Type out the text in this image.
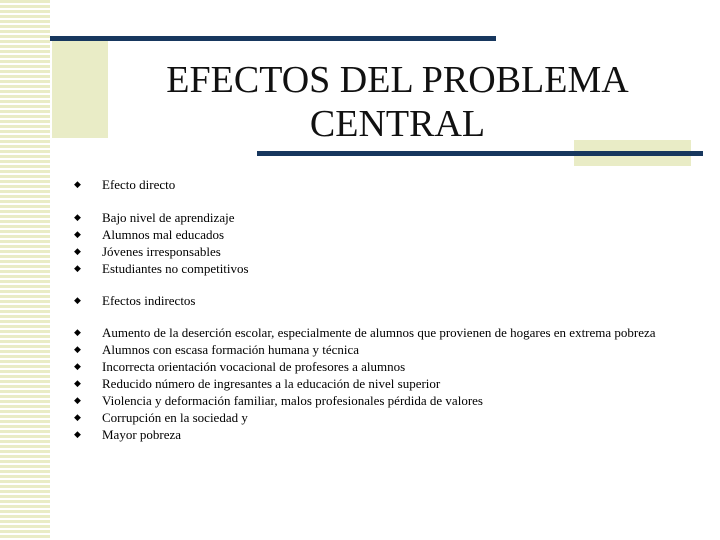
EFECTOS DEL PROBLEMA
CENTRAL
◆	Efecto directo
◆	Bajo nivel de aprendizaje
◆	Alumnos mal educados
◆	Jóvenes irresponsables
◆	Estudiantes no competitivos
◆	Efectos indirectos
◆	Aumento de la deserción escolar, especialmente de alumnos que provienen de hogares en extrema pobreza
◆	Alumnos con escasa formación humana y técnica
◆	Incorrecta orientación vocacional de profesores a alumnos
◆	Reducido número de ingresantes a la educación de nivel superior
◆	Violencia y deformación familiar, malos profesionales pérdida de valores
◆	Corrupción en la sociedad y
◆	Mayor pobreza
